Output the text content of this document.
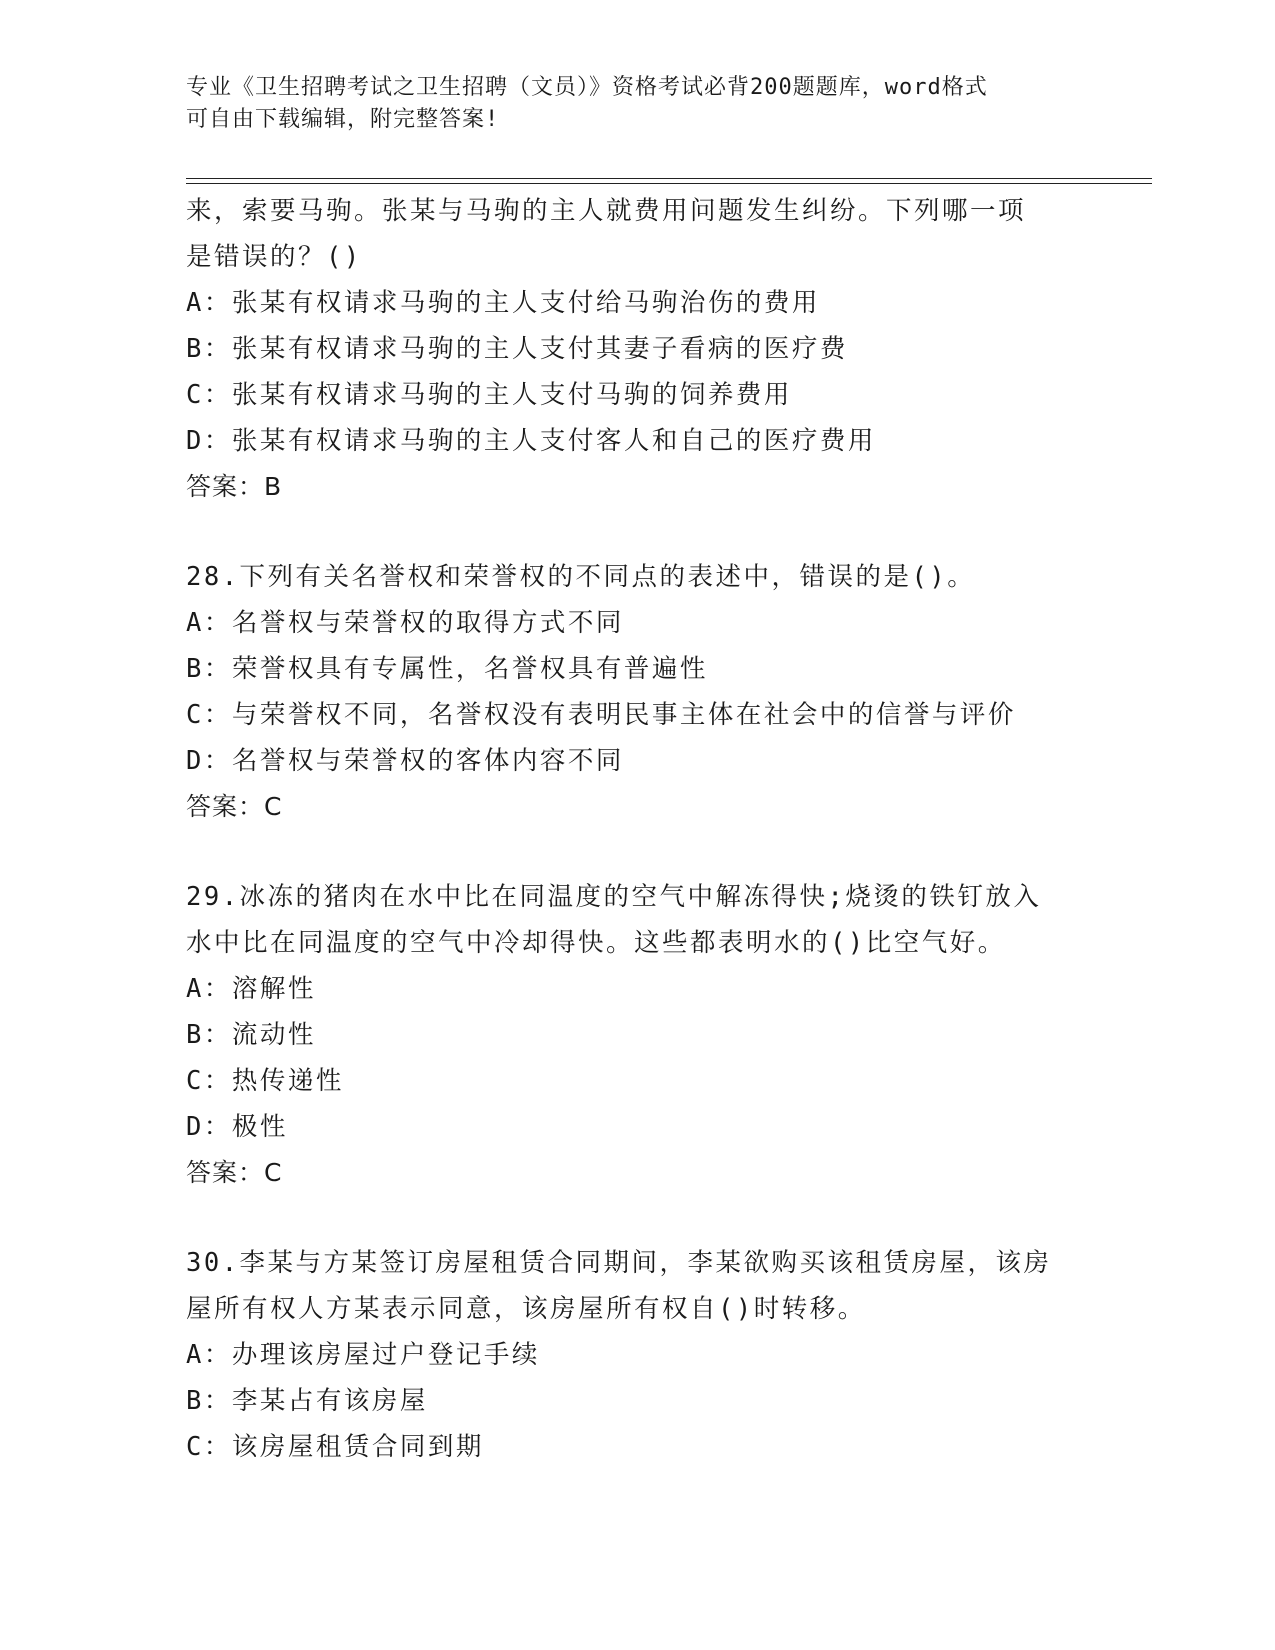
专业《卫生招聘考试之卫生招聘（文员）》资格考试必背200题题库，word格式
可自由下载编辑，附完整答案!
来，索要马驹。张某与马驹的主人就费用问题发生纠纷。下列哪一项
是错误的？()
A：张某有权请求马驹的主人支付给马驹治伤的费用
B：张某有权请求马驹的主人支付其妻子看病的医疗费
C：张某有权请求马驹的主人支付马驹的饲养费用
D：张某有权请求马驹的主人支付客人和自己的医疗费用
答案：B
28.下列有关名誉权和荣誉权的不同点的表述中，错误的是()。
A：名誉权与荣誉权的取得方式不同
B：荣誉权具有专属性，名誉权具有普遍性
C：与荣誉权不同，名誉权没有表明民事主体在社会中的信誉与评价
D：名誉权与荣誉权的客体内容不同
答案：C
29.冰冻的猪肉在水中比在同温度的空气中解冻得快;烧烫的铁钉放入
水中比在同温度的空气中冷却得快。这些都表明水的()比空气好。
A：溶解性
B：流动性
C：热传递性
D：极性
答案：C
30.李某与方某签订房屋租赁合同期间，李某欲购买该租赁房屋，该房
屋所有权人方某表示同意，该房屋所有权自()时转移。
A：办理该房屋过户登记手续
B：李某占有该房屋
C：该房屋租赁合同到期
